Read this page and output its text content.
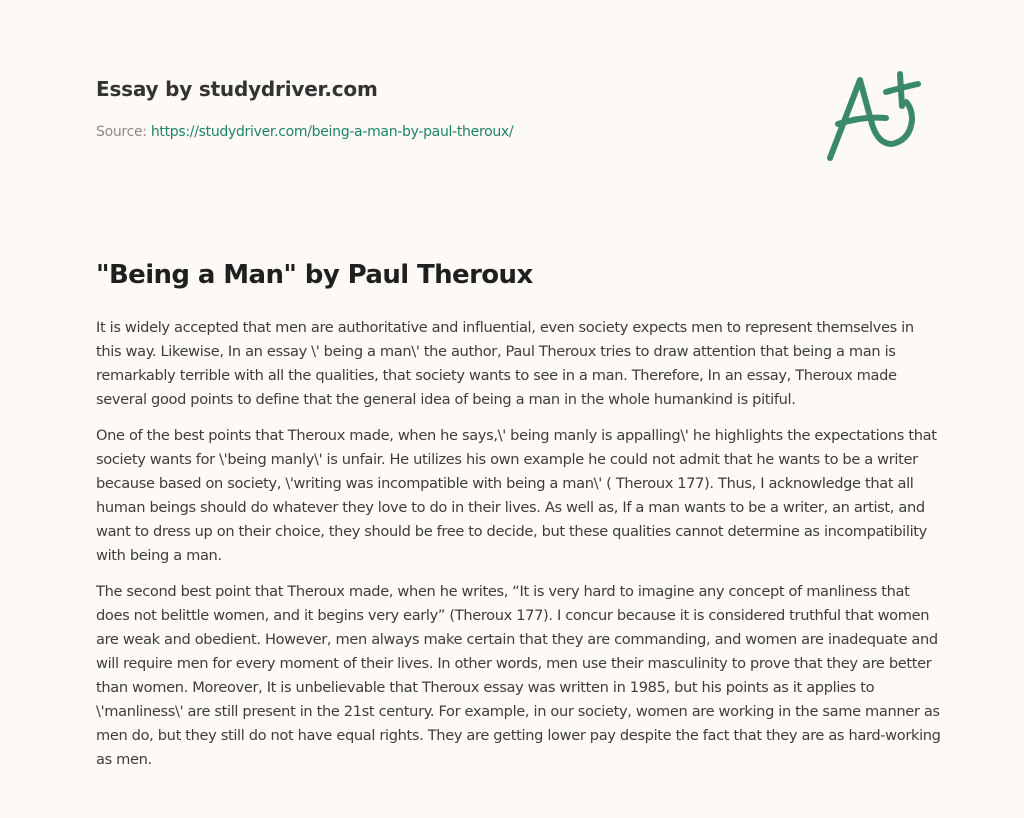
Essay by studydriver.com
Source: https://studydriver.com/being-a-man-by-paul-theroux/
"Being a Man" by Paul Theroux

It is widely accepted that men are authoritative and influential, even society expects men to represent themselves in this way. Likewise, In an essay \' being a man\' the author, Paul Theroux tries to draw attention that being a man is remarkably terrible with all the qualities, that society wants to see in a man. Therefore, In an essay, Theroux made several good points to define that the general idea of being a man in the whole humankind is pitiful.

One of the best points that Theroux made, when he says,\' being manly is appalling\' he highlights the expectations that society wants for \'being manly\' is unfair. He utilizes his own example he could not admit that he wants to be a writer because based on society, \'writing was incompatible with being a man\' ( Theroux 177). Thus, I acknowledge that all human beings should do whatever they love to do in their lives. As well as, If a man wants to be a writer, an artist, and want to dress up on their choice, they should be free to decide, but these qualities cannot determine as incompatibility with being a man.

The second best point that Theroux made, when he writes, “It is very hard to imagine any concept of manliness that does not belittle women, and it begins very early” (Theroux 177). I concur because it is considered truthful that women are weak and obedient. However, men always make certain that they are commanding, and women are inadequate and will require men for every moment of their lives. In other words, men use their masculinity to prove that they are better than women. Moreover, It is unbelievable that Theroux essay was written in 1985, but his points as it applies to \'manliness\' are still present in the 21st century. For example, in our society, women are working in the same manner as men do, but they still do not have equal rights. They are getting lower pay despite the fact that they are as hard-working as men.
